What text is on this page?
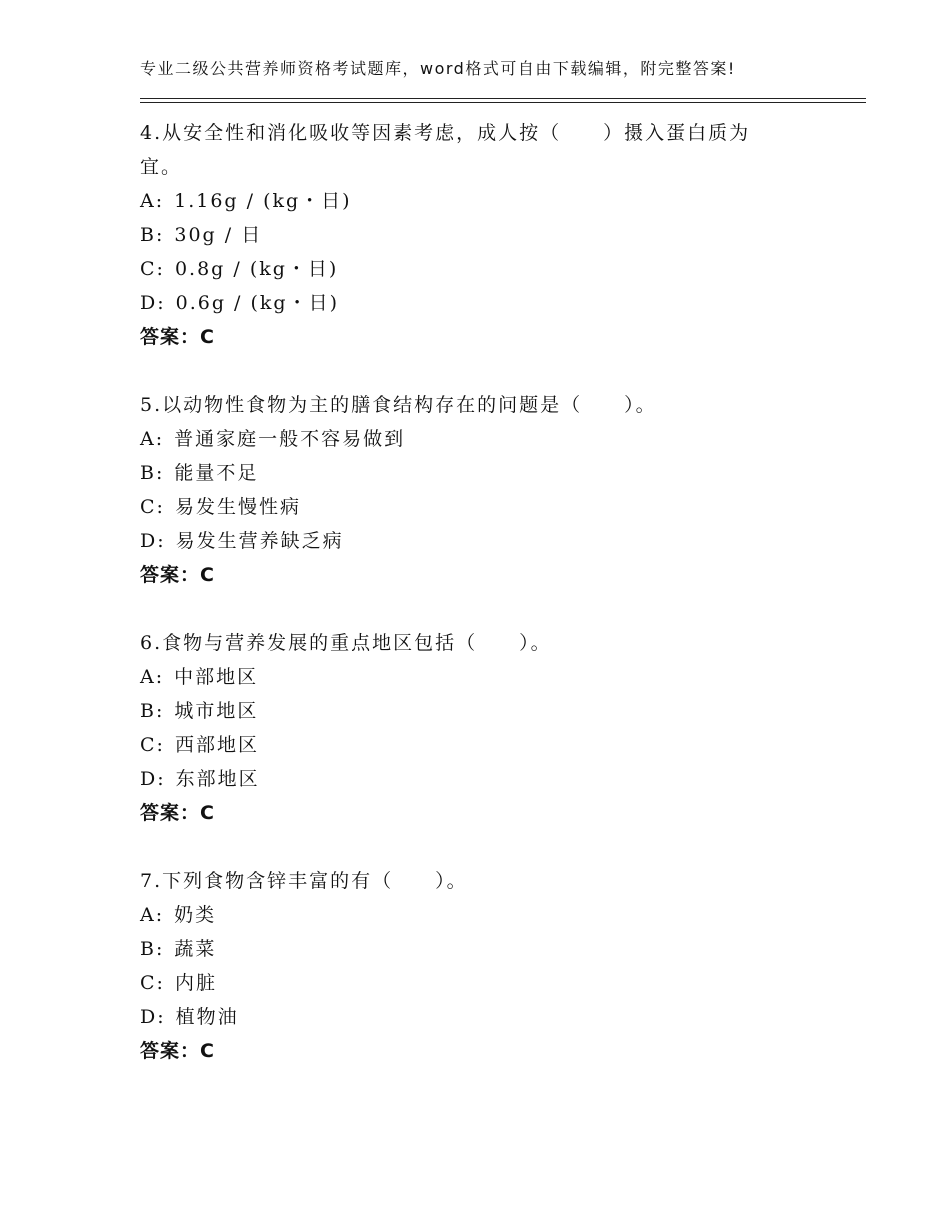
专业二级公共营养师资格考试题库，word格式可自由下载编辑，附完整答案!
4.从安全性和消化吸收等因素考虑，成人按（　　）摄入蛋白质为宜。
A: 1.16g / (kg・日)
B: 30g / 日
C: 0.8g / (kg・日)
D: 0.6g / (kg・日)
答案：C
5.以动物性食物为主的膳食结构存在的问题是（　　）。
A: 普通家庭一般不容易做到
B: 能量不足
C: 易发生慢性病
D: 易发生营养缺乏病
答案：C
6.食物与营养发展的重点地区包括（　　）。
A: 中部地区
B: 城市地区
C: 西部地区
D: 东部地区
答案：C
7.下列食物含锌丰富的有（　　）。
A: 奶类
B: 蔬菜
C: 内脏
D: 植物油
答案：C
